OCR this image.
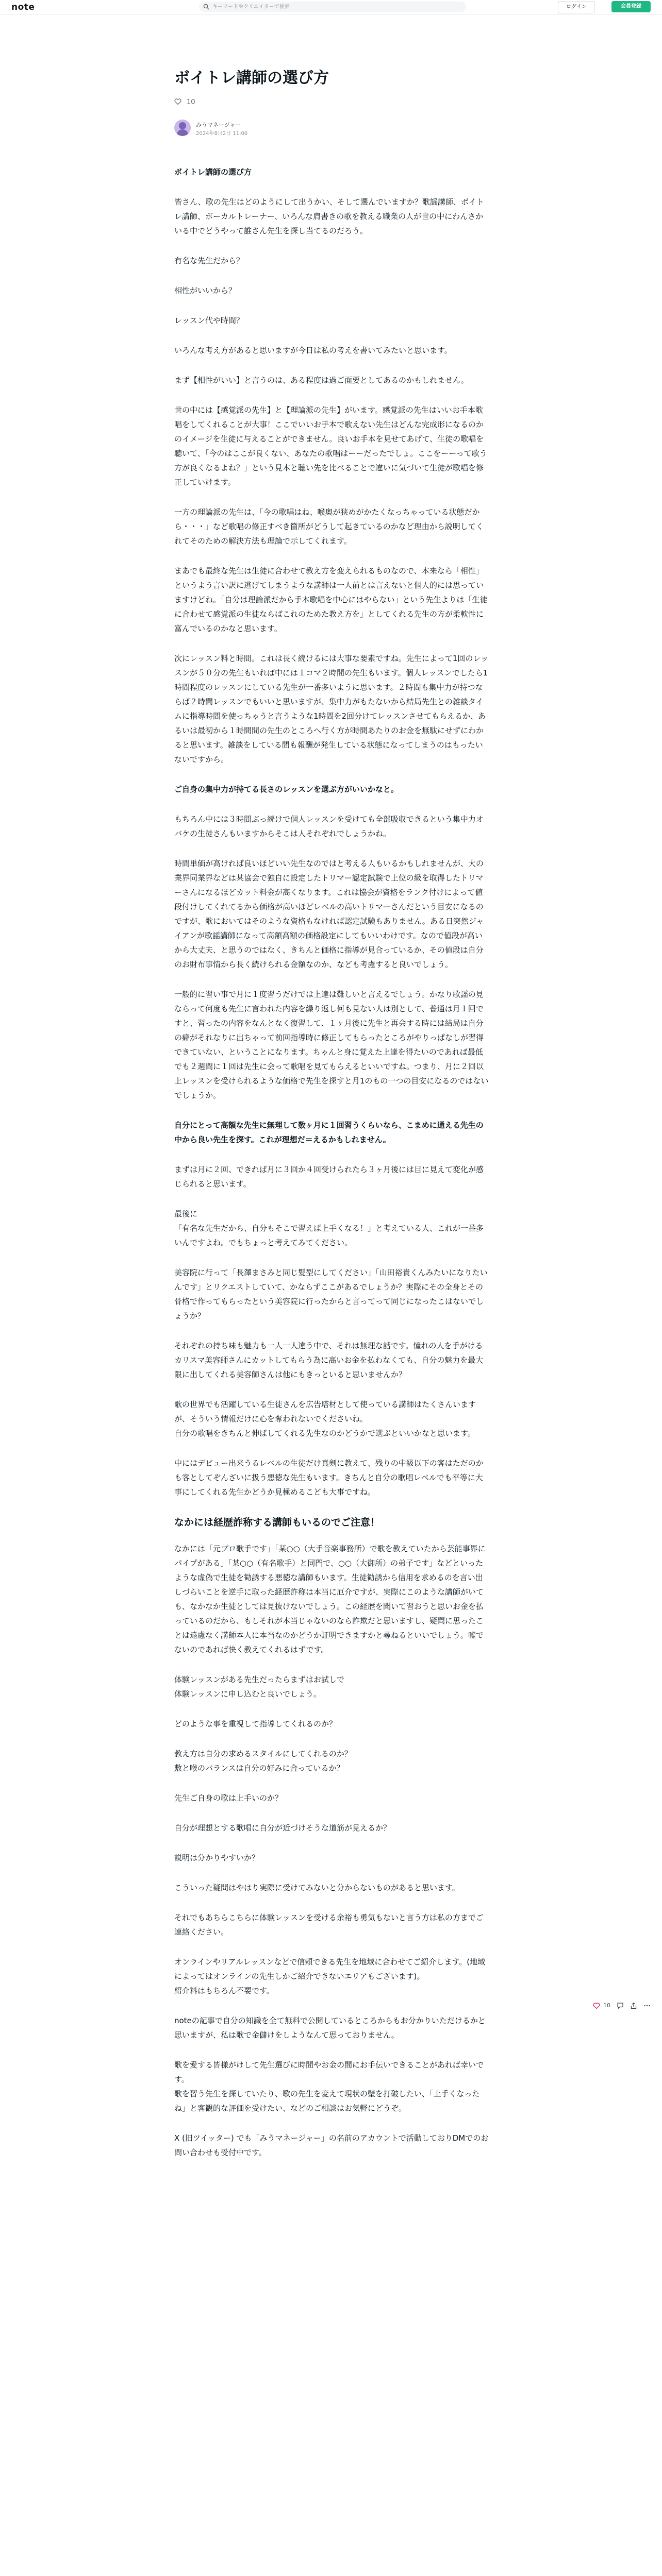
note
キーワードやクリエイターで検索	ログイン	会員登録
ボイトレ講師の選び方
10
みうマネージャー
2024年8月2日 11:00

ボイトレ講師の選び方

皆さん、歌の先生はどのようにして出うかい、そして選んでいますか？歌謡講師、ボイトレ講師、ボーカルトレーナー、いろんな肩書きの歌を教える職業の人が世の中にわんさかいる中でどうやって誰さん先生を探し当てるのだろう。

有名な先生だから？

相性がいいから？

レッスン代や時間？

いろんな考え方があると思いますが今日は私の考えを書いてみたいと思います。

まず【相性がいい】と言うのは、ある程度は過ご面要としてあるのかもしれません。

世の中には【感覚派の先生】と【理論派の先生】がいます。感覚派の先生はいいお手本歌唱をしてくれることが大事！ここでいいお手本で歌えない先生はどんな完成形になるのかのイメージを生徒に与えることができません。良いお手本を見せてあげて、生徒の歌唱を聴いて、「今のはここが良くない、あなたの歌唱はーーだったでしょ。ここをーーって歌う方が良くなるよね？」という見本と聴い先を比べることで違いに気づいて生徒が歌唱を修正していけます。

一方の理論派の先生は、「今の歌唱はね、喉奥が狭めがかたくなっちゃっている状態だから・・・」など歌唱の修正すべき箇所がどうして起きているのかなど理由から説明してくれてそのための解決方法も理論で示してくれます。

まあでも最終な先生は生徒に合わせて教え方を変えられるものなので、本来なら「相性」というよう言い訳に逃げてしまうような講師は一人前とは言えないと個人的には思っていますけどね。「自分は理論派だから手本歌唱を中心にはやらない」という先生よりは「生徒に合わせて感覚派の生徒ならばこれのためた教え方を」としてくれる先生の方が柔軟性に富んでいるのかなと思います。

次にレッスン料と時間。これは長く続けるには大事な要素ですね。先生によって1回のレッスンが５０分の先生もいれば中には１コマ２時間の先生もいます。個人レッスンでしたら1時間程度のレッスンにしている先生が一番多いように思います。２時間も集中力が持つならば２時間レッスンでもいいと思いますが、集中力がもたないから結局先生との雑談タイムに指導時間を使っちゃうと言うような1時間を2回分けてレッスンさせてもらえるか、あるいは最初から１時間間の先生のところへ行く方が時間あたりのお金を無駄にせずにわかると思います。雑談をしている間も報酬が発生している状態になってしまうのはもったいないですから。

ご自身の集中力が持てる長さのレッスンを選ぶ方がいいかなと。

もちろん中には３時間ぶっ続けで個人レッスンを受けても全部吸収できるという集中力オバケの生徒さんもいますからそこは人それぞれでしょうかね。

時間単価が高ければ良いほどいい先生なのではと考える人もいるかもしれませんが、大の業界同業界などは某協会で独自に設定したトリマー認定試験で上位の級を取得したトリマーさんになるほどカット料金が高くなります。これは協会が資格をランク付けによって値段付けしてくれてるから価格が高いほどレベルの高いトリマーさんだという目安になるのですが、歌においてはそのような資格もなければ認定試験もありません。ある日突然ジャイアンが歌謡講師になって高額高額の価格設定にしてもいいわけです。なので値段が高いから大丈夫、と思うのではなく、きちんと価格に指導が見合っているか、その値段は自分のお財布事情から長く続けられる金額なのか、なども考慮すると良いでしょう。

一般的に習い事で月に１度習うだけでは上達は難しいと言えるでしょう。かなり歌謡の見ならって何度も先生に言われた内容を繰り返し何も見ない人は別として、普通は月１回ですと、習ったの内容をなんとなく復習して、１ヶ月後に先生と再会する時には結局は自分の癖がそれなりに出ちゃって前回指導時に修正してもらったところがやりっぱなしが習得できていない、ということになります。ちゃんと身に覚えた上達を得たいのであれば最低でも２週間に１回は先生に会って歌唱を見てもらえるといいですね。つまり、月に２回以上レッスンを受けられるような価格で先生を探すと月1のもの一つの目安になるのではないでしょうか。

自分にとって高額な先生に無理して数ヶ月に１回習うくらいなら、こまめに通える先生の中から良い先生を探す。これが理想だ＝えるかもしれません。

まずは月に２回、できれば月に３回か４回受けられたら３ヶ月後には目に見えて変化が感じられると思います。

最後に
「有名な先生だから、自分もそこで習えば上手くなる！」と考えている人、これが一番多いんですよね。でもちょっと考えてみてください。

美容院に行って「長澤まさみと同じ髪型にしてください」「山田裕貴くんみたいになりたいんです」とリクエストしていて、かならずここがあるでしょうか？実際にその全身とその骨格で作ってもらったという美容院に行ったからと言ってって同じになったこはないでしょうか？

それぞれの持ち味も魅力も一人一人違う中で、それは無理な話です。憧れの人を手がけるカリスマ美容師さんにカットしてもらう為に高いお金を払わなくても、自分の魅力を最大限に出してくれる美容師さんは他にもきっといると思いませんか？

歌の世界でも活躍している生徒さんを広告塔材として使っている講師はたくさんいますが、そういう情報だけに心を奪われないでくださいね。
自分の歌唱をきちんと伸ばしてくれる先生なのかどうかで選ぶといいかなと思います。

中にはデビュー出来うるレベルの生徒だけ真剣に教えて、残りの中級以下の客はただのかも客としてぞんざいに扱う悪徳な先生もいます。きちんと自分の歌唱レベルでも平等に大事にしてくれる先生かどうか見極めるこども大事ですね。

なかには経歴詐称する講師もいるのでご注意！

なかには「元プロ歌手です」「某○○（大手音楽事務所）で歌を教えていたから芸能事界にパイプがある」「某○○（有名歌手）と同門で、○○（大御所）の弟子です」などといったような虚偽で生徒を勧誘する悪徳な講師もいます。生徒勧誘から信用を求めるのを言い出しづらいことを逆手に取った経歴詐称は本当に厄介ですが、実際にこのような講師がいても、なかなか生徒としては見抜けないでしょう。この経歴を聞いて習おうと思いお金を払っているのだから、もしそれが本当じゃないのなら詐欺だと思いますし、疑問に思ったことは遠慮なく講師本人に本当なのかどうか証明できますかと尋ねるといいでしょう。嘘でないのであれば快く教えてくれるはずです。

体験レッスンがある先生だったらまずはお試しで
体験レッスンに申し込むと良いでしょう。

どのような事を重視して指導してくれるのか？

教え方は自分の求めるスタイルにしてくれるのか？
敷と喉のバランスは自分の好みに合っているか？

先生ご自身の歌は上手いのか？

自分が理想とする歌唱に自分が近づけそうな道筋が見えるか？

説明は分かりやすいか？

こういった疑問はやはり実際に受けてみないと分からないものがあると思います。

それでもあちらこちらに体験レッスンを受ける余裕も勇気もないと言う方は私の方までご連絡ください。

オンラインやリアルレッスンなどで信頼できる先生を地域に合わせてご紹介します。(地域によってはオンラインの先生しかご紹介できないエリアもございます)。
紹介料はもちろん不要です。

noteの記事で自分の知識を全て無料で公開しているところからもお分かりいただけるかと思いますが、私は歌で金儲けをしようなんて思っておりません。

歌を愛する皆様がけして先生選びに時間やお金の間にお手伝いできることがあれば幸いです。
歌を習う先生を探していたり、歌の先生を変えて現状の壁を打破したい、「上手くなったね」と客観的な評価を受けたい、などのご相談はお気軽にどうぞ。

X (旧ツイッター) でも「みうマネージャー」の名前のアカウントで活動しておりDMでのお問い合わせも受付中です。

10
